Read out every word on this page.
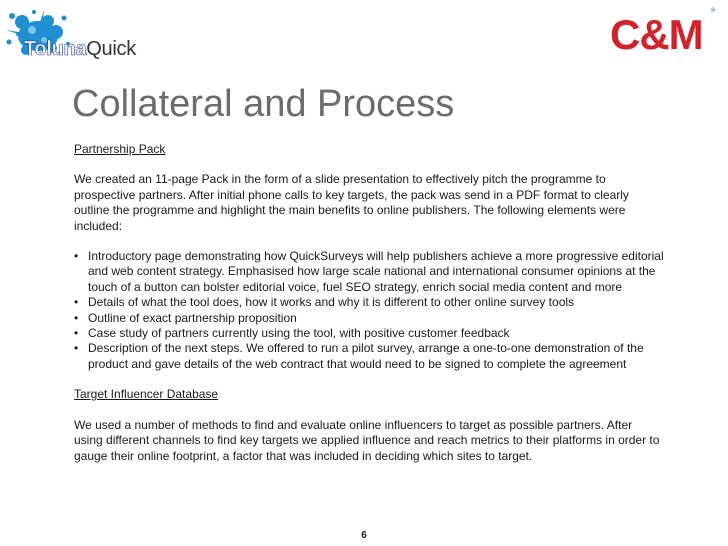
TolunaQuick	C&M *
Collateral and Process
Partnership Pack

We created an 11-page Pack in the form of a slide presentation to effectively pitch the programme to prospective partners. After initial phone calls to key targets, the pack was send in a PDF format to clearly outline the programme and highlight the main benefits to online publishers. The following elements were included:

• Introductory page demonstrating how QuickSurveys will help publishers achieve a more progressive editorial and web content strategy. Emphasised how large scale national and international consumer opinions at the touch of a button can bolster editorial voice, fuel SEO strategy, enrich social media content and more
• Details of what the tool does, how it works and why it is different to other online survey tools
• Outline of exact partnership proposition
• Case study of partners currently using the tool, with positive customer feedback
• Description of the next steps. We offered to run a pilot survey, arrange a one-to-one demonstration of the product and gave details of the web contract that would need to be signed to complete the agreement
Target Influencer Database

We used a number of methods to find and evaluate online influencers to target as possible partners. After using different channels to find key targets we applied influence and reach metrics to their platforms in order to gauge their online footprint, a factor that was included in deciding which sites to target.

6
